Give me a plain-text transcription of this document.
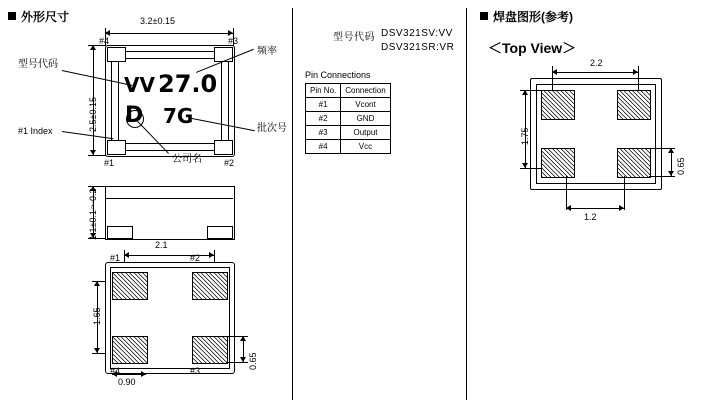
外形尺寸	焊盘图形(参考)
＜Top View＞
型号代码 DSV321SV:VV
DSV321SR:VR
Pin Connections
Pin No.	Connection
#1	Vcont
#2	GND
#3	Output
#4	Vcc
3.2±0.15
2.5±0.15
VV 27.0
D 7G
#4	#3
#1	#2
型号代码
#1 Index
频率
批次号
公司名
1.1±0.1〜0.2
2.1
1.65
#1	#2
#4	#3
0.90
0.65
2.2
1.75
1.2
0.65
